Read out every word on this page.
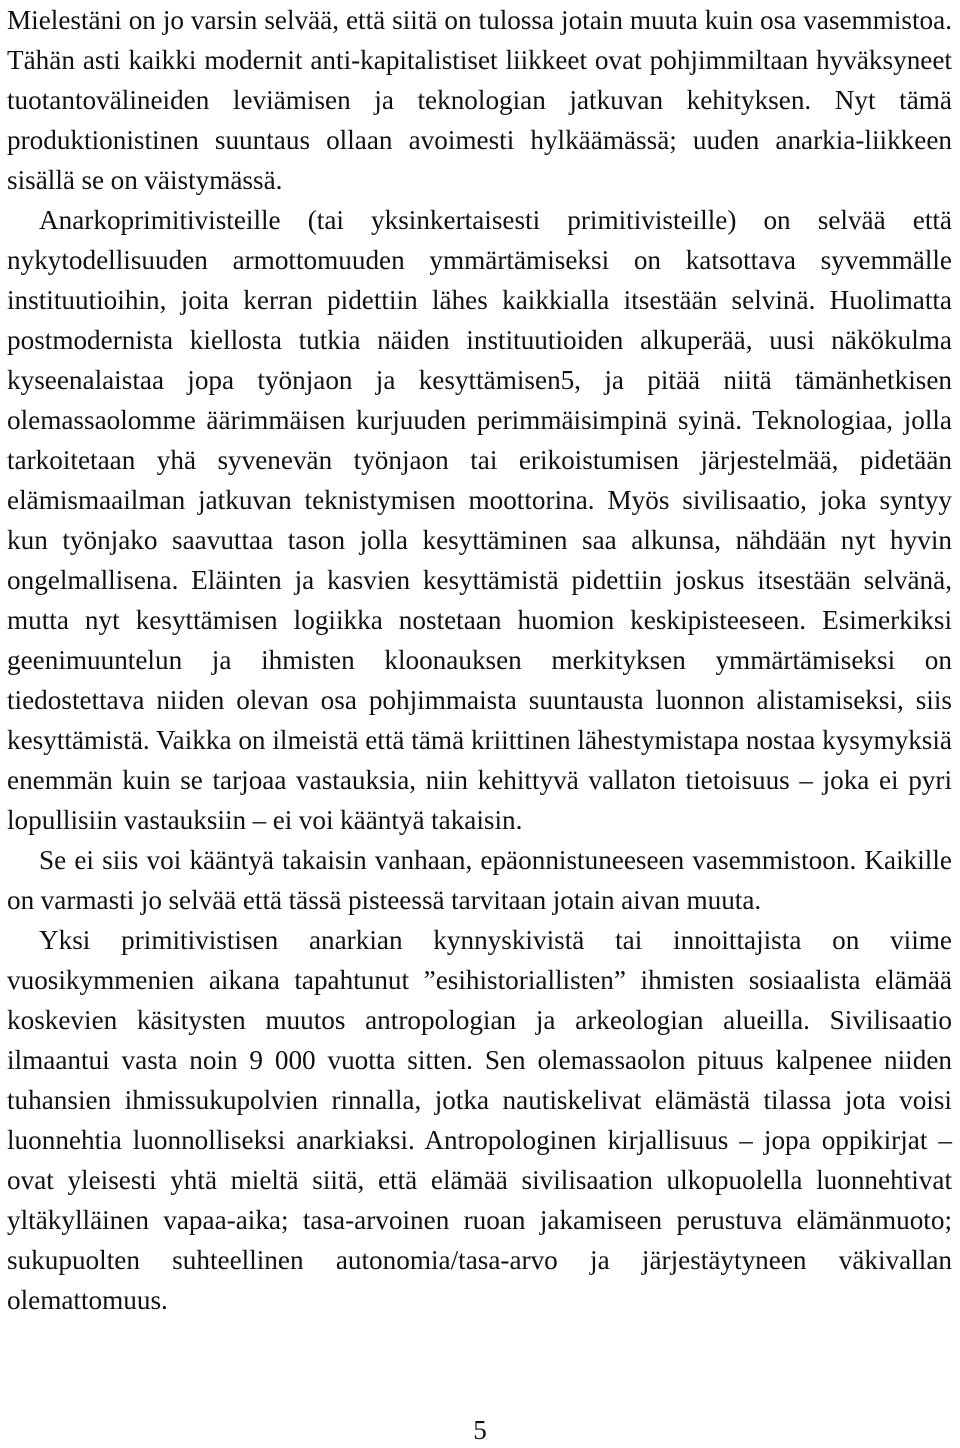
Mielestäni on jo varsin selvää, että siitä on tulossa jotain muuta kuin osa vasemmistoa. Tähän asti kaikki modernit anti-kapitalistiset liikkeet ovat pohjimmiltaan hyväksyneet tuotantovälineiden leviämisen ja teknologian jatkuvan kehityksen. Nyt tämä produktionistinen suuntaus ollaan avoimesti hylkäämässä; uuden anarkia-liikkeen sisällä se on väistymässä.

Anarkoprimitivisteille (tai yksinkertaisesti primitivisteille) on selvää että nykytodellisuuden armottomuuden ymmärtämiseksi on katsottava syvemmälle instituutioihin, joita kerran pidettiin lähes kaikkialla itsestään selvinä. Huolimatta postmodernista kiellosta tutkia näiden instituutioiden alkuperää, uusi näkökulma kyseenalaistaa jopa työnjaon ja kesyttämisen5, ja pitää niitä tämänhetkisen olemassaolomme äärimmäisen kurjuuden perimmäisimpinä syinä. Teknologiaa, jolla tarkoitetaan yhä syvenevän työnjaon tai erikoistumisen järjestelmää, pidetään elämismaailman jatkuvan teknistymisen moottorina. Myös sivilisaatio, joka syntyy kun työnjako saavuttaa tason jolla kesyttäminen saa alkunsa, nähdään nyt hyvin ongelmallisena. Eläinten ja kasvien kesyttämistä pidettiin joskus itsestään selvänä, mutta nyt kesyttämisen logiikka nostetaan huomion keskipisteeseen. Esimerkiksi geenimuuntelun ja ihmisten kloonauksen merkityksen ymmärtämiseksi on tiedostettava niiden olevan osa pohjimmaista suuntausta luonnon alistamiseksi, siis kesyttämistä. Vaikka on ilmeistä että tämä kriittinen lähestymistapa nostaa kysymyksiä enemmän kuin se tarjoaa vastauksia, niin kehittyvä vallaton tietoisuus – joka ei pyri lopullisiin vastauksiin – ei voi kääntyä takaisin.

Se ei siis voi kääntyä takaisin vanhaan, epäonnistuneeseen vasemmistoon. Kaikille on varmasti jo selvää että tässä pisteessä tarvitaan jotain aivan muuta.

Yksi primitivistisen anarkian kynnyskivistä tai innoittajista on viime vuosikymmenien aikana tapahtunut ”esihistoriallisten” ihmisten sosiaalista elämää koskevien käsitysten muutos antropologian ja arkeologian alueilla. Sivilisaatio ilmaantui vasta noin 9 000 vuotta sitten. Sen olemassaolon pituus kalpenee niiden tuhansien ihmissukupolvien rinnalla, jotka nautiskelivat elämästä tilassa jota voisi luonnehtia luonnolliseksi anarkiaksi. Antropologinen kirjallisuus – jopa oppikirjat – ovat yleisesti yhtä mieltä siitä, että elämää sivilisaation ulkopuolella luonnehtivat yltäkylläinen vapaa-aika; tasa-arvoinen ruoan jakamiseen perustuva elämänmuoto; sukupuolten suhteellinen autonomia/tasa-arvo ja järjestäytyneen väkivallan olemattomuus.

5
